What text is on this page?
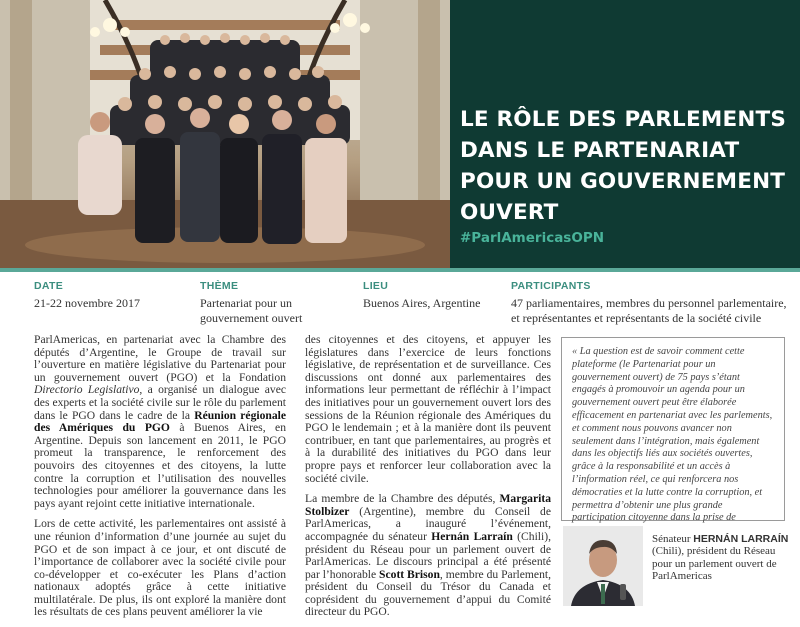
LE RÔLE DES PARLEMENTS
DANS LE PARTENARIAT
POUR UN GOUVERNEMENT
OUVERT
#ParlAmericasOPN
DATE
21-22 novembre 2017
THÈME
Partenariat pour un gouvernement ouvert
LIEU
Buenos Aires, Argentine
PARTICIPANTS
47 parliamentaires, membres du personnel parlementaire, et représentantes et représentants de la société civile

ParlAmericas, en partenariat avec la Chambre des députés d’Argentine, le Groupe de travail sur l’ouverture en matière législative du Partenariat pour un gouvernement ouvert (PGO) et la Fondation Directorio Legislativo, a organisé un dialogue avec des experts et la société civile sur le rôle du parlement dans le PGO dans le cadre de la Réunion régionale des Amériques du PGO à Buenos Aires, en Argentine. Depuis son lancement en 2011, le PGO promeut la transparence, le renforcement des pouvoirs des citoyennes et des citoyens, la lutte contre la corruption et l’utilisation des nouvelles technologies pour améliorer la gouvernance dans les pays ayant rejoint cette initiative internationale.

Lors de cette activité, les parlementaires ont assisté à une réunion d’information d’une journée au sujet du PGO et de son impact à ce jour, et ont discuté de l’importance de collaborer avec la société civile pour co-développer et co-exécuter les Plans d’action nationaux adoptés grâce à cette initiative multilatérale. De plus, ils ont exploré la manière dont les résultats de ces plans peuvent améliorer la vie

des citoyennes et des citoyens, et appuyer les législatures dans l’exercice de leurs fonctions législative, de représentation et de surveillance. Ces discussions ont donné aux parlementaires des informations leur permettant de réfléchir à l’impact des initiatives pour un gouvernement ouvert lors des sessions de la Réunion régionale des Amériques du PGO le lendemain ; et à la manière dont ils peuvent contribuer, en tant que parlementaires, au progrès et à la durabilité des initiatives du PGO dans leur propre pays et renforcer leur collaboration avec la société civile.

La membre de la Chambre des députés, Margarita Stolbizer (Argentine), membre du Conseil de ParlAmericas, a inauguré l’événement, accompagnée du sénateur Hernán Larraín (Chili), président du Réseau pour un parlement ouvert de ParlAmericas. Le discours principal a été présenté par l’honorable Scott Brison, membre du Parlement, président du Conseil du Trésor du Canada et coprésident du gouvernement d’appui du Comité directeur du PGO.

« La question est de savoir comment cette plateforme (le Partenariat pour un gouvernement ouvert) de 75 pays s’étant engagés à promouvoir un agenda pour un gouvernement ouvert peut être élaborée efficacement en partenariat avec les parlements, et comment nous pouvons avancer non seulement dans l’intégration, mais également dans les objectifs liés aux sociétés ouvertes, grâce à la responsabilité et un accès à l’information réel, ce qui renforcera nos démocraties et la lutte contre la corruption, et permettra d’obtenir une plus grande participation citoyenne dans la prise de
Sénateur HERNÁN LARRAÍN (Chili), président du Réseau pour un parlement ouvert de ParlAmericas
